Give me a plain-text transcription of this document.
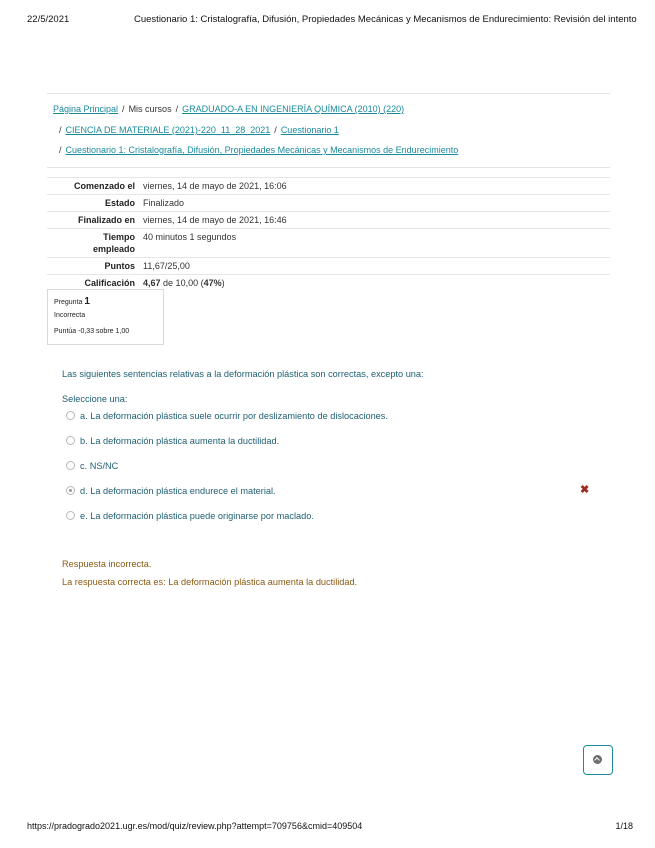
22/5/2021	Cuestionario 1: Cristalografía, Difusión, Propiedades Mecánicas y Mecanismos de Endurecimiento: Revisión del intento
Página Principal / Mis cursos / GRADUADO-A EN INGENIERÍA QUÍMICA (2010) (220)
/ CIENCIA DE MATERIALE (2021)-220_11_28_2021 / Cuestionario 1
/ Cuestionario 1: Cristalografía, Difusión, Propiedades Mecánicas y Mecanismos de Endurecimiento
Comenzado el	viernes, 14 de mayo de 2021, 16:06
Estado	Finalizado
Finalizado en	viernes, 14 de mayo de 2021, 16:46
Tiempo
empleado	40 minutos 1 segundos
Puntos	11,67/25,00
Calificación	4,67 de 10,00 (47%)
Pregunta 1
Incorrecta
Puntúa -0,33 sobre 1,00
Las siguientes sentencias relativas a la deformación plástica son correctas, excepto una:
Seleccione una:
a. La deformación plástica suele ocurrir por deslizamiento de dislocaciones.
b. La deformación plástica aumenta la ductilidad.
c. NS/NC
d. La deformación plástica endurece el material.
e. La deformación plástica puede originarse por maclado.
✖
Respuesta incorrecta.
La respuesta correcta es: La deformación plástica aumenta la ductilidad.
https://pradogrado2021.ugr.es/mod/quiz/review.php?attempt=709756&cmid=409504	1/18
